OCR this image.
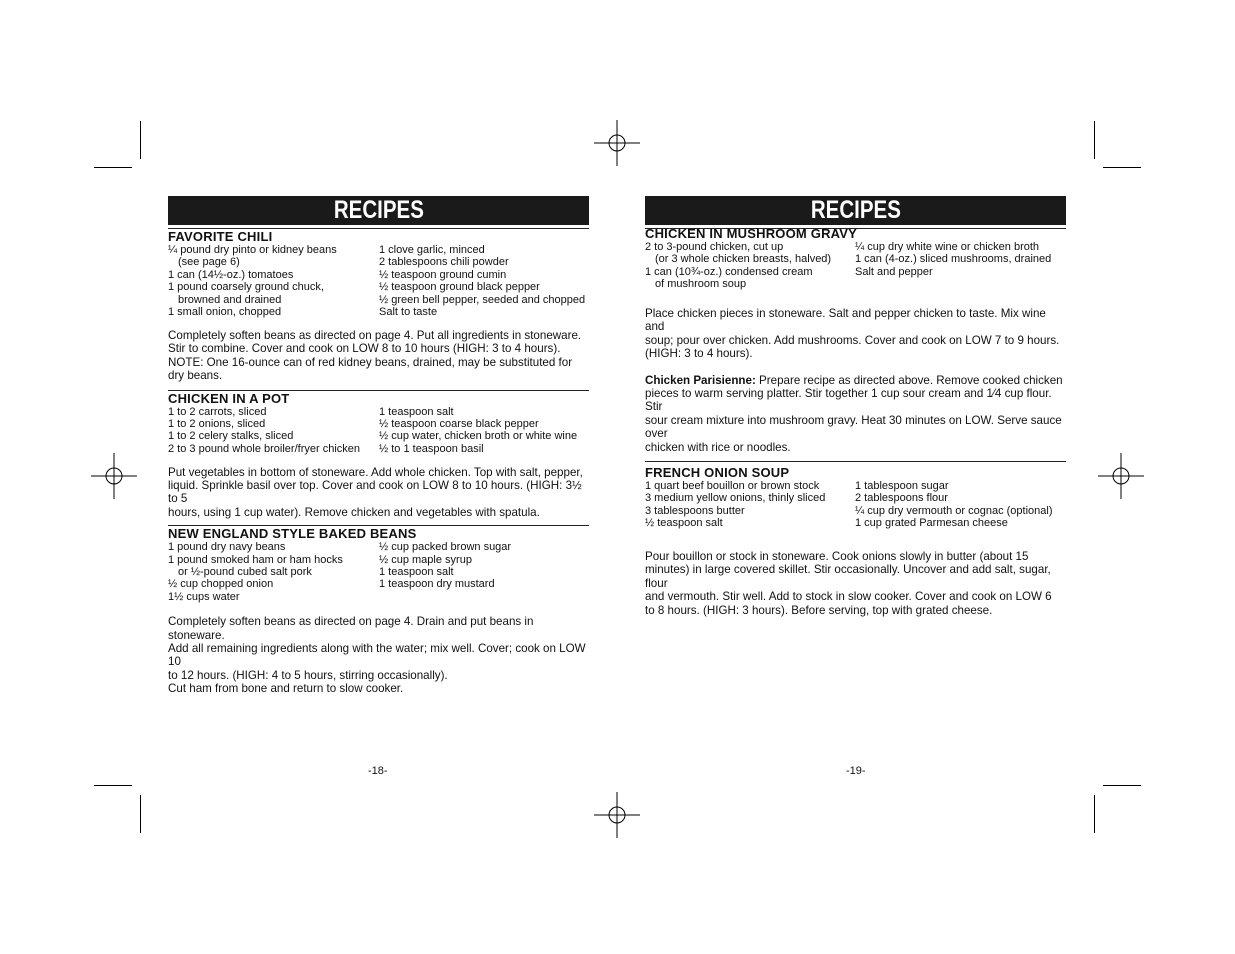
RECIPES
FAVORITE CHILI
¼ pound dry pinto or kidney beans
(see page 6)
1 can (14½-oz.) tomatoes
1 pound coarsely ground chuck,
browned and drained
1 small onion, chopped
1 clove garlic, minced
2 tablespoons chili powder
½ teaspoon ground cumin
½ teaspoon ground black pepper
½ green bell pepper, seeded and chopped
Salt to taste
Completely soften beans as directed on page 4. Put all ingredients in stoneware.
Stir to combine. Cover and cook on LOW 8 to 10 hours (HIGH: 3 to 4 hours).
NOTE: One 16-ounce can of red kidney beans, drained, may be substituted for
dry beans.
CHICKEN IN A POT
1 to 2 carrots, sliced
1 to 2 onions, sliced
1 to 2 celery stalks, sliced
2 to 3 pound whole broiler/fryer chicken
1 teaspoon salt
½ teaspoon coarse black pepper
½ cup water, chicken broth or white wine
½ to 1 teaspoon basil
Put vegetables in bottom of stoneware. Add whole chicken. Top with salt, pepper,
liquid. Sprinkle basil over top. Cover and cook on LOW 8 to 10 hours. (HIGH: 3½ to 5
hours, using 1 cup water). Remove chicken and vegetables with spatula.
NEW ENGLAND STYLE BAKED BEANS
1 pound dry navy beans
1 pound smoked ham or ham hocks
or ½-pound cubed salt pork
½ cup chopped onion
1½ cups water
½ cup packed brown sugar
½ cup maple syrup
1 teaspoon salt
1 teaspoon dry mustard
Completely soften beans as directed on page 4. Drain and put beans in stoneware.
Add all remaining ingredients along with the water; mix well. Cover; cook on LOW 10
to 12 hours. (HIGH: 4 to 5 hours, stirring occasionally).
Cut ham from bone and return to slow cooker.
-18-
RECIPES
CHICKEN IN MUSHROOM GRAVY
2 to 3-pound chicken, cut up
(or 3 whole chicken breasts, halved)
1 can (10¾-oz.) condensed cream
of mushroom soup
¼ cup dry white wine or chicken broth
1 can (4-oz.) sliced mushrooms, drained
Salt and pepper
Place chicken pieces in stoneware. Salt and pepper chicken to taste. Mix wine and
soup; pour over chicken. Add mushrooms. Cover and cook on LOW 7 to 9 hours.
(HIGH: 3 to 4 hours).
Chicken Parisienne: Prepare recipe as directed above. Remove cooked chicken
pieces to warm serving platter. Stir together 1 cup sour cream and 1⁄4 cup flour. Stir
sour cream mixture into mushroom gravy. Heat 30 minutes on LOW. Serve sauce over
chicken with rice or noodles.
FRENCH ONION SOUP
1 quart beef bouillon or brown stock
3 medium yellow onions, thinly sliced
3 tablespoons butter
½ teaspoon salt
1 tablespoon sugar
2 tablespoons flour
¼ cup dry vermouth or cognac (optional)
1 cup grated Parmesan cheese
Pour bouillon or stock in stoneware. Cook onions slowly in butter (about 15
minutes) in large covered skillet. Stir occasionally. Uncover and add salt, sugar, flour
and vermouth. Stir well. Add to stock in slow cooker. Cover and cook on LOW 6
to 8 hours. (HIGH: 3 hours). Before serving, top with grated cheese.
-19-
